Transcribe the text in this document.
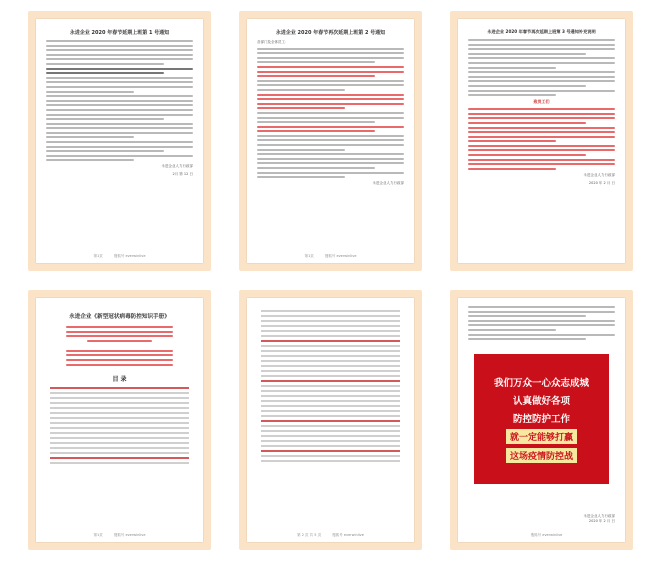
永进企业 2020 年春节延期上班第 1 号通知
永进企业人力行政部
2月 第 12 日
第1页	搜狐号 everwinlive
永进企业 2020 年春节再次延期上班第 2 号通知
各部门及全体员工：
永进企业人力行政部
第1页	搜狐号 everwinlive
永进企业 2020 年春节再次延期上班第 3 号通知补充说明
致员工们
永进企业人力行政部
2020 年 2 月 日
永进企业《新型冠状病毒防控知识手册》
目 录
第1页	搜狐号 everwinlive	第 2 页 共 5 页	搜狐号 everwinlive
我们万众一心众志成城
认真做好各项
防控防护工作
就一定能够打赢
这场疫情防控战
永进企业人力行政部
2020 年 2 月 日
搜狐号 everwinlive
